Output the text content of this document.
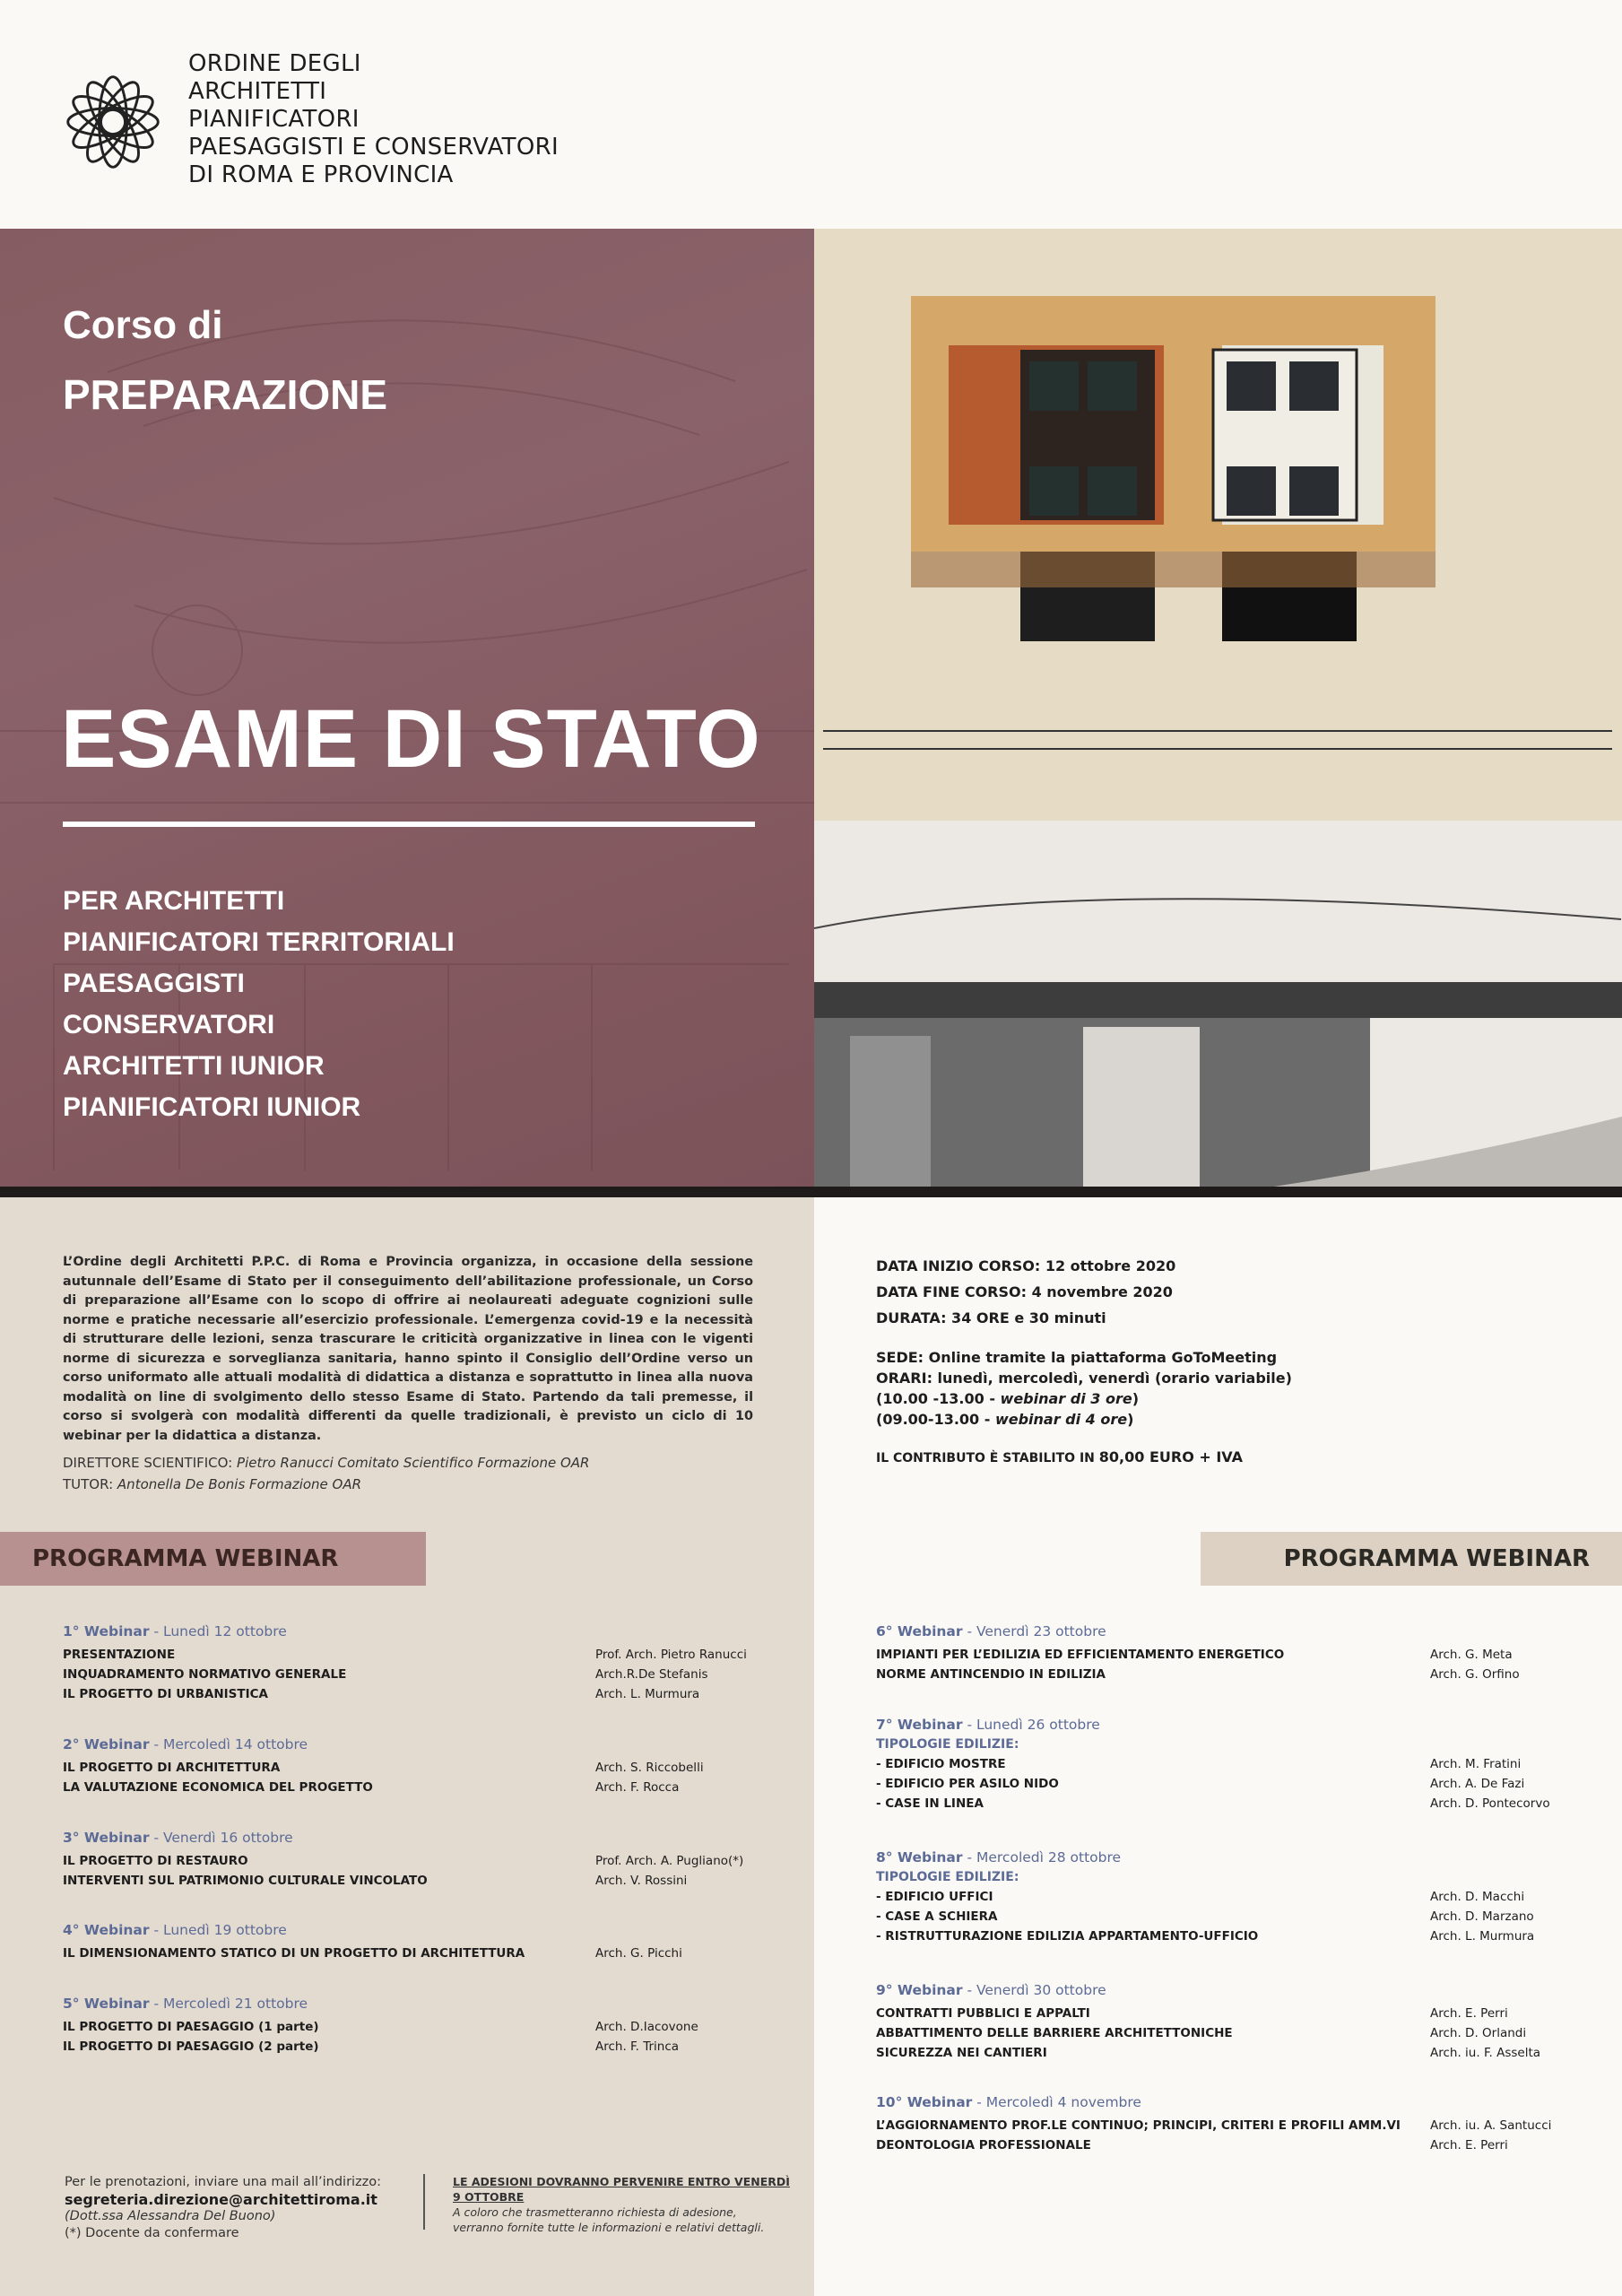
ORDINE DEGLI
ARCHITETTI
PIANIFICATORI
PAESAGGISTI E CONSERVATORI
DI ROMA E PROVINCIA
Corso di
PREPARAZIONE
ESAME DI STATO
PER ARCHITETTI
PIANIFICATORI TERRITORIALI
PAESAGGISTI
CONSERVATORI
ARCHITETTI IUNIOR
PIANIFICATORI IUNIOR
L’Ordine degli Architetti P.P.C. di Roma e Provincia organizza, in occasione della sessione autunnale dell’Esame di Stato per il conseguimento dell’abilitazione professionale, un Corso di preparazione all’Esame con lo scopo di offrire ai neolaureati adeguate cognizioni sulle norme e pratiche necessarie all’esercizio professionale. L’emergenza covid-19 e la necessità di strutturare delle lezioni, senza trascurare le criticità organizzative in linea con le vigenti norme di sicurezza e sorveglianza sanitaria, hanno spinto il Consiglio dell’Ordine verso un corso uniformato alle attuali modalità di didattica a distanza e soprattutto in linea alla nuova modalità on line di svolgimento dello stesso Esame di Stato. Partendo da tali premesse, il corso si svolgerà con modalità differenti da quelle tradizionali, è previsto un ciclo di 10 webinar per la didattica a distanza.
DIRETTORE SCIENTIFICO: Pietro Ranucci Comitato Scientifico Formazione OAR
TUTOR: Antonella De Bonis Formazione OAR
DATA INIZIO CORSO: 12 ottobre 2020
DATA FINE CORSO: 4 novembre 2020
DURATA: 34 ORE e 30 minuti
SEDE: Online tramite la piattaforma GoToMeeting
ORARI: lunedì, mercoledì, venerdì (orario variabile)
(10.00 -13.00 - webinar di 3 ore)
(09.00-13.00 - webinar di 4 ore)
IL CONTRIBUTO È STABILITO IN 80,00 EURO + IVA
PROGRAMMA WEBINAR	PROGRAMMA WEBINAR
1° Webinar - Lunedì 12 ottobre
PRESENTAZIONE	Prof. Arch. Pietro Ranucci
INQUADRAMENTO NORMATIVO GENERALE	Arch.R.De Stefanis
IL PROGETTO DI URBANISTICA	Arch. L. Murmura
2° Webinar - Mercoledì 14 ottobre
IL PROGETTO DI ARCHITETTURA	Arch. S. Riccobelli
LA VALUTAZIONE ECONOMICA DEL PROGETTO	Arch. F. Rocca
3° Webinar - Venerdì 16 ottobre
IL PROGETTO DI RESTAURO	Prof. Arch. A. Pugliano(*)
INTERVENTI SUL PATRIMONIO CULTURALE VINCOLATO	Arch. V. Rossini
4° Webinar - Lunedì 19 ottobre
IL DIMENSIONAMENTO STATICO DI UN PROGETTO DI ARCHITETTURA	Arch. G. Picchi
5° Webinar - Mercoledì 21 ottobre
IL PROGETTO DI PAESAGGIO (1 parte)	Arch. D.Iacovone
IL PROGETTO DI PAESAGGIO (2 parte)	Arch. F. Trinca
6° Webinar - Venerdì 23 ottobre
IMPIANTI PER L’EDILIZIA ED EFFICIENTAMENTO ENERGETICO	Arch. G. Meta
NORME ANTINCENDIO IN EDILIZIA	Arch. G. Orfino
7° Webinar - Lunedì 26 ottobre
TIPOLOGIE EDILIZIE:
- EDIFICIO MOSTRE	Arch. M. Fratini
- EDIFICIO PER ASILO NIDO	Arch. A. De Fazi
- CASE IN LINEA	Arch. D. Pontecorvo
8° Webinar - Mercoledì 28 ottobre
TIPOLOGIE EDILIZIE:
- EDIFICIO UFFICI	Arch. D. Macchi
- CASE A SCHIERA	Arch. D. Marzano
- RISTRUTTURAZIONE EDILIZIA APPARTAMENTO-UFFICIO	Arch. L. Murmura
9° Webinar - Venerdì 30 ottobre
CONTRATTI PUBBLICI E APPALTI	Arch. E. Perri
ABBATTIMENTO DELLE BARRIERE ARCHITETTONICHE	Arch. D. Orlandi
SICUREZZA NEI CANTIERI	Arch. iu. F. Asselta
10° Webinar - Mercoledì 4 novembre
L’AGGIORNAMENTO PROF.LE CONTINUO; PRINCIPI, CRITERI E PROFILI AMM.VI Arch. iu. A. Santucci
DEONTOLOGIA PROFESSIONALE	Arch. E. Perri
Per le prenotazioni, inviare una mail all’indirizzo:
segreteria.direzione@architettiroma.it
(Dott.ssa Alessandra Del Buono)
(*) Docente da confermare
LE ADESIONI DOVRANNO PERVENIRE ENTRO VENERDÌ
9 OTTOBRE
A coloro che trasmetteranno richiesta di adesione,
verranno fornite tutte le informazioni e relativi dettagli.
